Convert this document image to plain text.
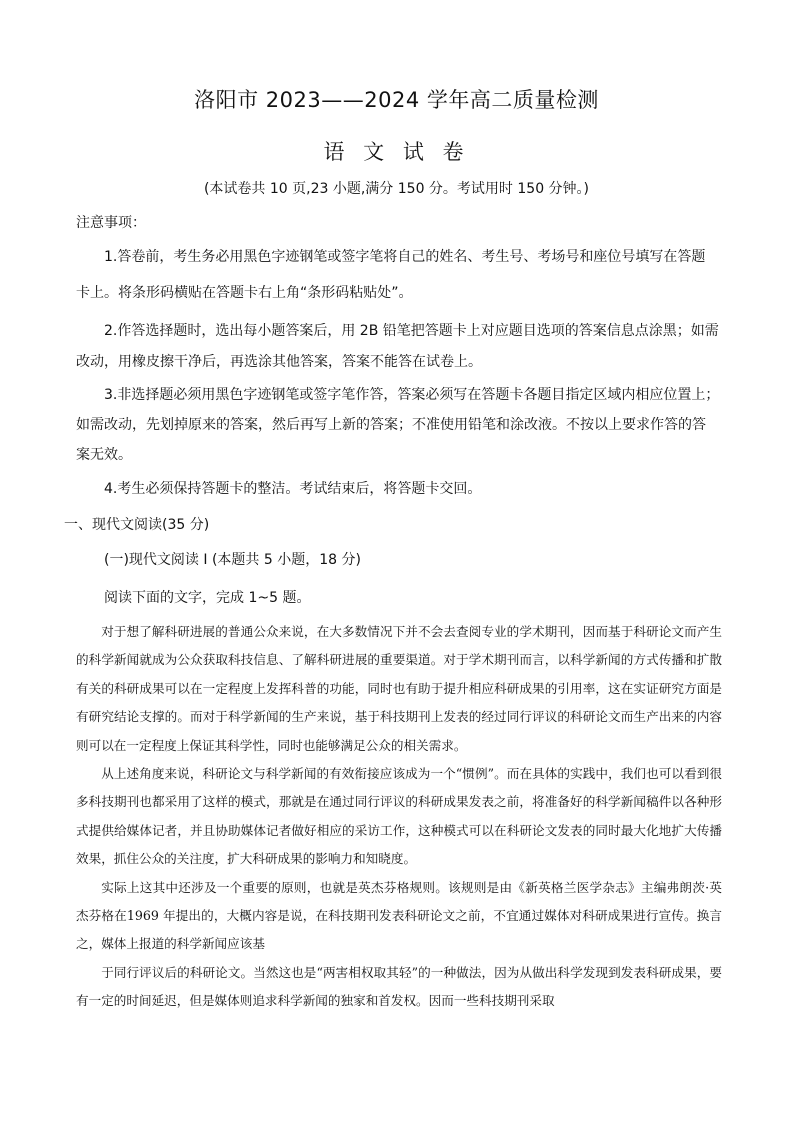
洛阳市 2023——2024 学年高二质量检测
语 文 试 卷
(本试卷共 10 页,23 小题,满分 150 分。考试用时 150 分钟。)
注意事项：
1.答卷前，考生务必用黑色字迹钢笔或签字笔将自己的姓名、考生号、考场号和座位号填写在答题
卡上。将条形码横贴在答题卡右上角“条形码粘贴处”。
2.作答选择题时，选出每小题答案后，用 2B 铅笔把答题卡上对应题目选项的答案信息点涂黑；如需
改动，用橡皮擦干净后，再选涂其他答案，答案不能答在试卷上。
3.非选择题必须用黑色字迹钢笔或签字笔作答，答案必须写在答题卡各题目指定区域内相应位置上；
如需改动，先划掉原来的答案，然后再写上新的答案；不准使用铅笔和涂改液。不按以上要求作答的答
案无效。
4.考生必须保持答题卡的整洁。考试结束后，将答题卡交回。
一、现代文阅读(35 分)
(一)现代文阅读 I (本题共 5 小题，18 分)
阅读下面的文字，完成 1~5 题。

对于想了解科研进展的普通公众来说，在大多数情况下并不会去查阅专业的学术期刊，因而基于科研论文而产生的科学新闻就成为公众获取科技信息、了解科研进展的重要渠道。对于学术期刊而言，以科学新闻的方式传播和扩散有关的科研成果可以在一定程度上发挥科普的功能，同时也有助于提升相应科研成果的引用率，这在实证研究方面是有研究结论支撑的。而对于科学新闻的生产来说，基于科技期刊上发表的经过同行评议的科研论文而生产出来的内容则可以在一定程度上保证其科学性，同时也能够满足公众的相关需求。

从上述角度来说，科研论文与科学新闻的有效衔接应该成为一个“惯例”。而在具体的实践中，我们也可以看到很多科技期刊也都采用了这样的模式，那就是在通过同行评议的科研成果发表之前，将准备好的科学新闻稿件以各种形式提供给媒体记者，并且协助媒体记者做好相应的采访工作，这种模式可以在科研论文发表的同时最大化地扩大传播效果，抓住公众的关注度，扩大科研成果的影响力和知晓度。

实际上这其中还涉及一个重要的原则，也就是英杰芬格规则。该规则是由《新英格兰医学杂志》主编弗朗茨·英杰芬格在1969 年提出的，大概内容是说，在科技期刊发表科研论文之前，不宜通过媒体对科研成果进行宣传。换言之，媒体上报道的科学新闻应该基

于同行评议后的科研论文。当然这也是“两害相权取其轻”的一种做法，因为从做出科学发现到发表科研成果，要有一定的时间延迟，但是媒体则追求科学新闻的独家和首发权。因而一些科技期刊采取
